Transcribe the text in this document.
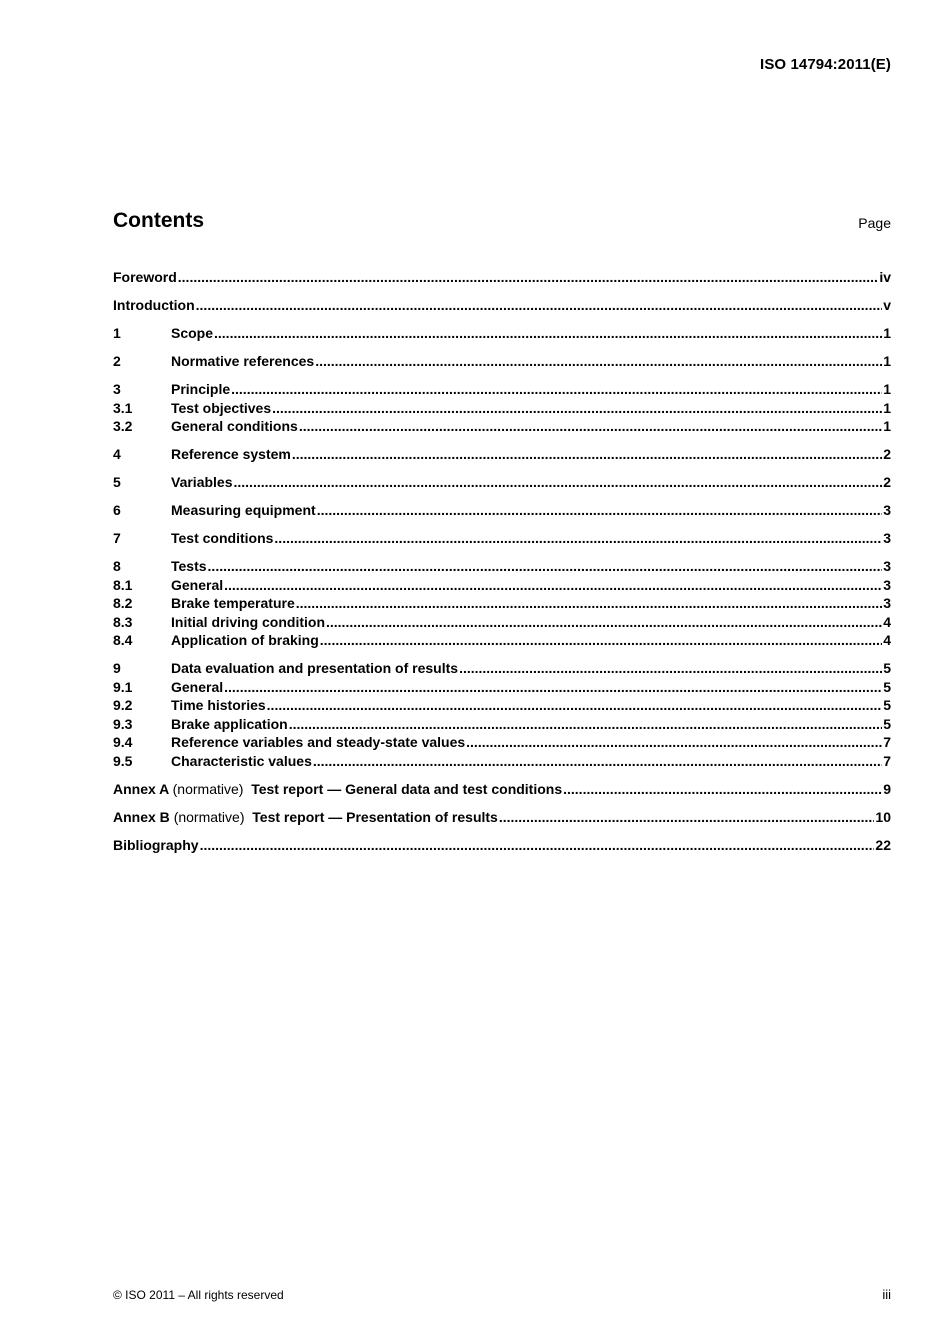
ISO 14794:2011(E)
Contents	Page
Foreword .....	iv
Introduction .....	v
1	Scope .....	1
2	Normative references .....	1
3	Principle .....	1
3.1	Test objectives .....	1
3.2	General conditions .....	1
4	Reference system .....	2
5	Variables .....	2
6	Measuring equipment .....	3
7	Test conditions .....	3
8	Tests .....	3
8.1	General .....	3
8.2	Brake temperature .....	3
8.3	Initial driving condition .....	4
8.4	Application of braking .....	4
9	Data evaluation and presentation of results .....	5
9.1	General .....	5
9.2	Time histories .....	5
9.3	Brake application .....	5
9.4	Reference variables and steady-state values .....	7
9.5	Characteristic values .....	7
Annex A (normative) Test report — General data and test conditions .....	9
Annex B (normative) Test report — Presentation of results .....	10
Bibliography .....	22
© ISO 2011 – All rights reserved	iii
